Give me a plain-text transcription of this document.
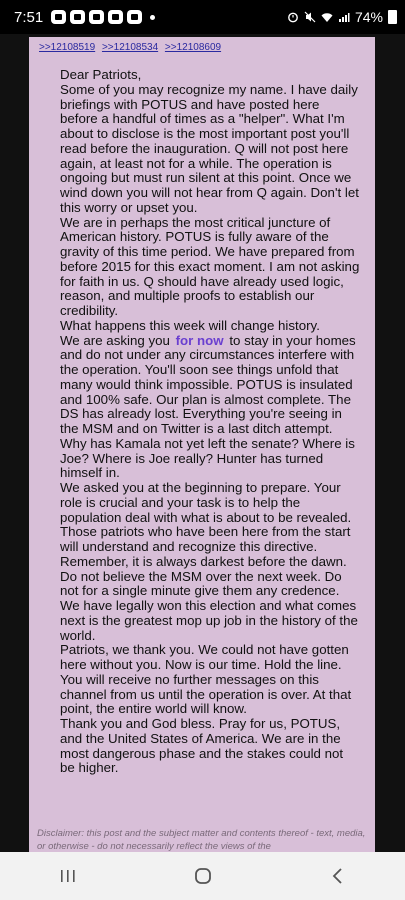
7:51	74%
>>12108519 >>12108534 >>12108609

Dear Patriots,

Some of you may recognize my name. I have daily briefings with POTUS and have posted here before a handful of times as a "helper". What I'm about to disclose is the most important post you'll read before the inauguration. Q will not post here again, at least not for a while. The operation is ongoing but must run silent at this point. Once we wind down you will not hear from Q again. Don't let this worry or upset you.

We are in perhaps the most critical juncture of American history. POTUS is fully aware of the gravity of this time period. We have prepared from before 2015 for this exact moment. I am not asking for faith in us. Q should have already used logic, reason, and multiple proofs to establish our credibility.

What happens this week will change history.

We are asking you for now to stay in your homes and do not under any circumstances interfere with the operation. You'll soon see things unfold that many would think impossible. POTUS is insulated and 100% safe. Our plan is almost complete. The DS has already lost. Everything you're seeing in the MSM and on Twitter is a last ditch attempt. Why has Kamala not yet left the senate? Where is Joe? Where is Joe really? Hunter has turned himself in.

We asked you at the beginning to prepare. Your role is crucial and your task is to help the population deal with what is about to be revealed. Those patriots who have been here from the start will understand and recognize this directive.

Remember, it is always darkest before the dawn. Do not believe the MSM over the next week. Do not for a single minute give them any credence. We have legally won this election and what comes next is the greatest mop up job in the history of the world.

Patriots, we thank you. We could not have gotten here without you. Now is our time. Hold the line.

You will receive no further messages on this channel from us until the operation is over. At that point, the entire world will know.

Thank you and God bless. Pray for us, POTUS, and the United States of America. We are in the most dangerous phase and the stakes could not be higher.

Disclaimer: this post and the subject matter and contents thereof - text, media, or otherwise - do not necessarily reflect the views of the
